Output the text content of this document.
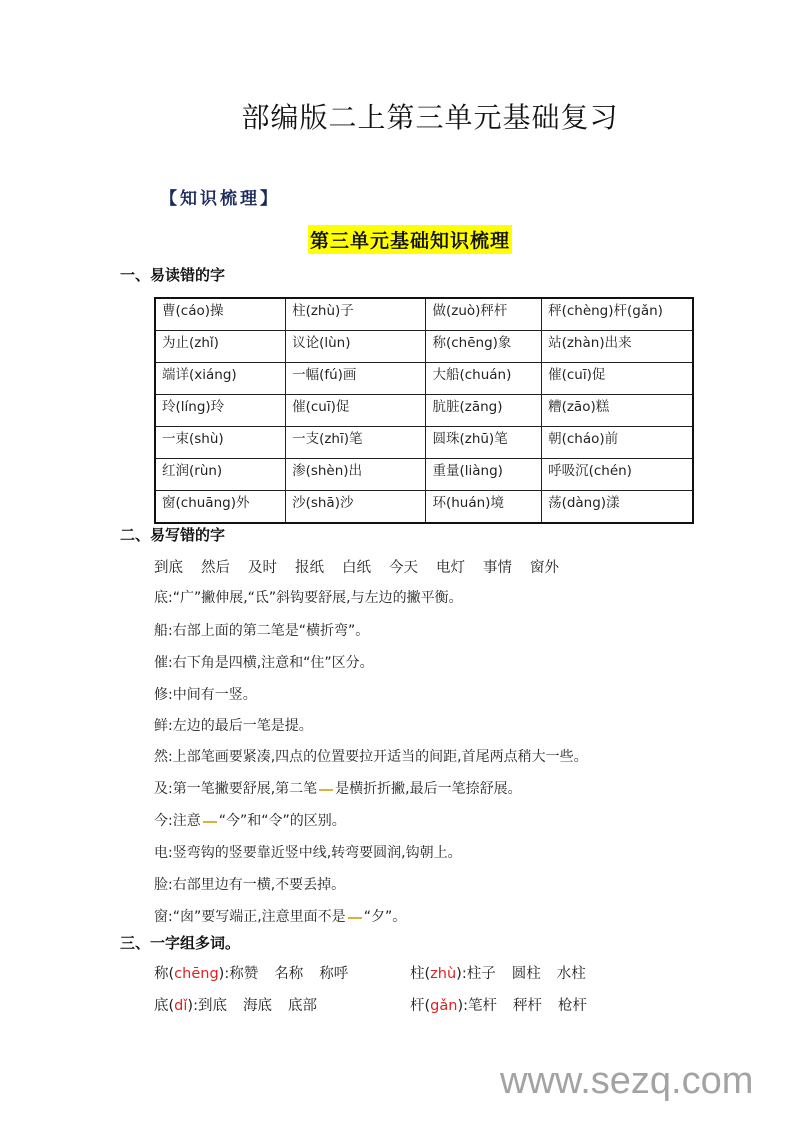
部编版二上第三单元基础复习
【知识梳理】
第三单元基础知识梳理
一、易读错的字
曹(cáo)操	柱(zhù)子	做(zuò)秤杆	秤(chèng)杆(gǎn)
为止(zhǐ)	议论(lùn)	称(chēng)象	站(zhàn)出来
端详(xiáng)	一幅(fú)画	大船(chuán)	催(cuī)促
玲(líng)玲	催(cuī)促	肮脏(zāng)	糟(zāo)糕
一束(shù)	一支(zhī)笔	圆珠(zhū)笔	朝(cháo)前
红润(rùn)	渗(shèn)出	重量(liàng)	呼吸沉(chén)
窗(chuāng)外	沙(shā)沙	环(huán)境	荡(dàng)漾
二、易写错的字
到底 然后 及时 报纸 白纸 今天 电灯 事情 窗外
底:“广”撇伸展,“氐”斜钩要舒展,与左边的撇平衡。
船:右部上面的第二笔是“横折弯”。
催:右下角是四横,注意和“住”区分。
修:中间有一竖。
鲜:左边的最后一笔是提。
然:上部笔画要紧凑,四点的位置要拉开适当的间距,首尾两点稍大一些。
及:第一笔撇要舒展,第二笔 是横折折撇,最后一笔捺舒展。
今:注意 “今”和“令”的区别。
电:竖弯钩的竖要靠近竖中线,转弯要圆润,钩朝上。
脸:右部里边有一横,不要丢掉。
窗:“囱”要写端正,注意里面不是 “夕”。
三、一字组多词。
称(chēng):称赞 名称 称呼	柱(zhù):柱子 圆柱 水柱
底(dǐ):到底 海底 底部	杆(gǎn):笔杆 秤杆 枪杆
www.sezq.com
